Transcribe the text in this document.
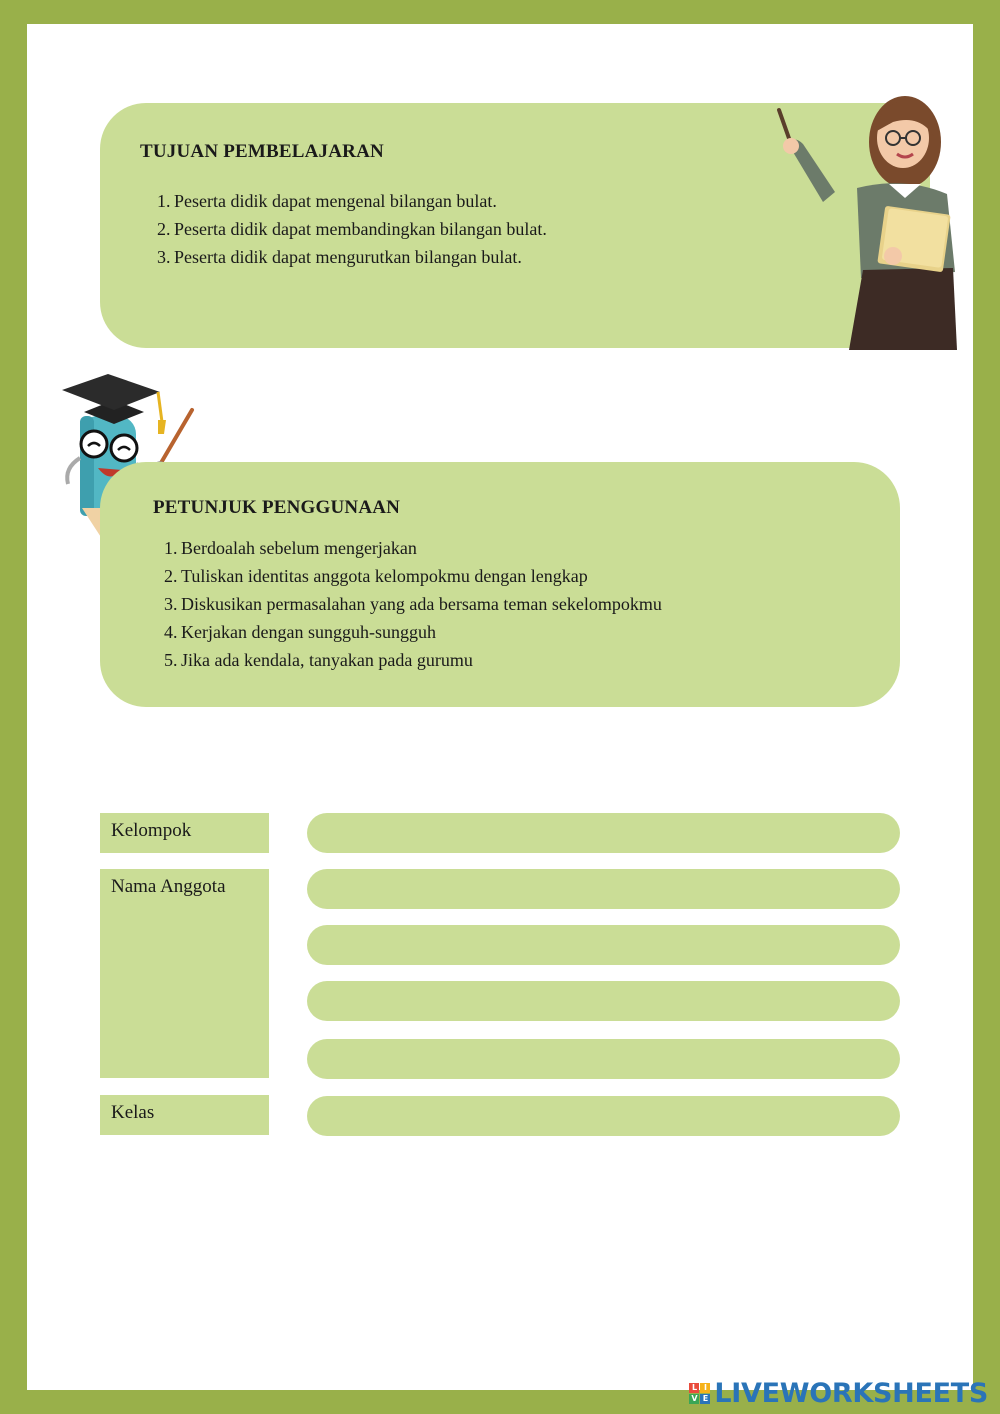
TUJUAN PEMBELAJARAN
1. Peserta didik dapat mengenal bilangan bulat.
2. Peserta didik dapat membandingkan bilangan bulat.
3. Peserta didik dapat mengurutkan bilangan bulat.
PETUNJUK PENGGUNAAN
1. Berdoalah sebelum mengerjakan
2. Tuliskan identitas anggota kelompokmu dengan lengkap
3. Diskusikan permasalahan yang ada bersama teman sekelompokmu
4. Kerjakan dengan sungguh-sungguh
5. Jika ada kendala, tanyakan pada gurumu
Kelompok
Nama Anggota
Kelas
L I
V E LIVEWORKSHEETS
